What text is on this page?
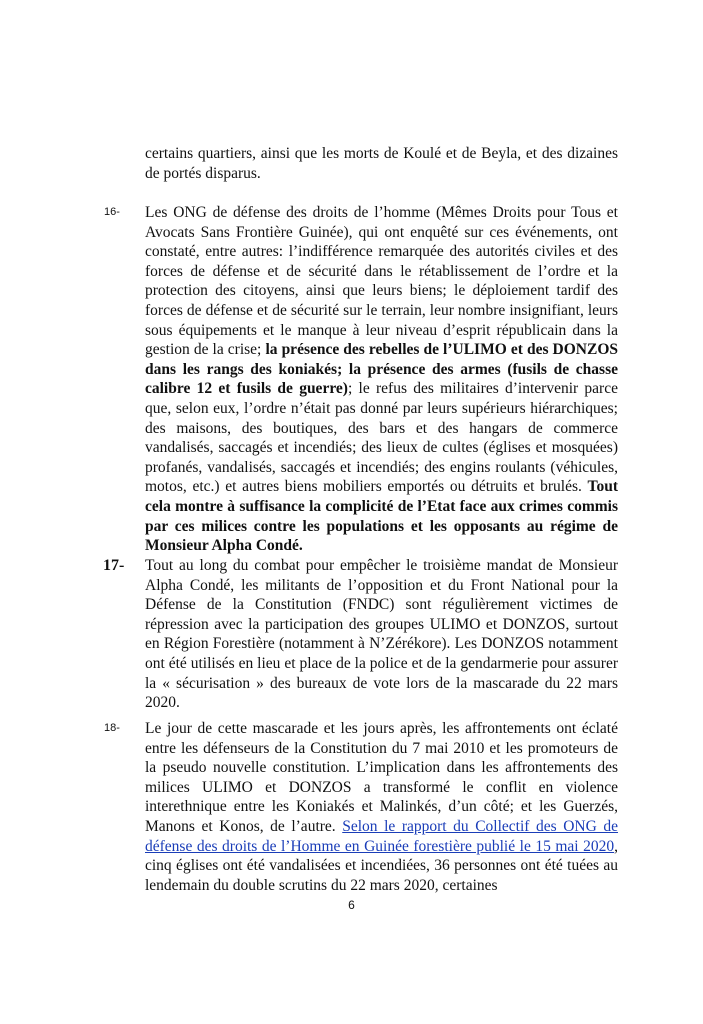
certains quartiers, ainsi que les morts de Koulé et de Beyla, et des dizaines de portés disparus.
16- Les ONG de défense des droits de l’homme (Mêmes Droits pour Tous et Avocats Sans Frontière Guinée), qui ont enquêté sur ces événements, ont constaté, entre autres: l’indifférence remarquée des autorités civiles et des forces de défense et de sécurité dans le rétablissement de l’ordre et la protection des citoyens, ainsi que leurs biens; le déploiement tardif des forces de défense et de sécurité sur le terrain, leur nombre insignifiant, leurs sous équipements et le manque à leur niveau d’esprit républicain dans la gestion de la crise; la présence des rebelles de l’ULIMO et des DONZOS dans les rangs des koniakés; la présence des armes (fusils de chasse calibre 12 et fusils de guerre); le refus des militaires d’intervenir parce que, selon eux, l’ordre n’était pas donné par leurs supérieurs hiérarchiques; des maisons, des boutiques, des bars et des hangars de commerce vandalisés, saccagés et incendiés; des lieux de cultes (églises et mosquées) profanés, vandalisés, saccagés et incendiés; des engins roulants (véhicules, motos, etc.) et autres biens mobiliers emportés ou détruits et brulés. Tout cela montre à suffisance la complicité de l’Etat face aux crimes commis par ces milices contre les populations et les opposants au régime de Monsieur Alpha Condé.
17- Tout au long du combat pour empêcher le troisième mandat de Monsieur Alpha Condé, les militants de l’opposition et du Front National pour la Défense de la Constitution (FNDC) sont régulièrement victimes de répression avec la participation des groupes ULIMO et DONZOS, surtout en Région Forestière (notamment à N’Zérékore). Les DONZOS notamment ont été utilisés en lieu et place de la police et de la gendarmerie pour assurer la « sécurisation » des bureaux de vote lors de la mascarade du 22 mars 2020.
18- Le jour de cette mascarade et les jours après, les affrontements ont éclaté entre les défenseurs de la Constitution du 7 mai 2010 et les promoteurs de la pseudo nouvelle constitution. L’implication dans les affrontements des milices ULIMO et DONZOS a transformé le conflit en violence interethnique entre les Koniakés et Malinkés, d’un côté; et les Guerzés, Manons et Konos, de l’autre. Selon le rapport du Collectif des ONG de défense des droits de l’Homme en Guinée forestière publié le 15 mai 2020, cinq églises ont été vandalisées et incendiées, 36 personnes ont été tuées au lendemain du double scrutins du 22 mars 2020, certaines
6
